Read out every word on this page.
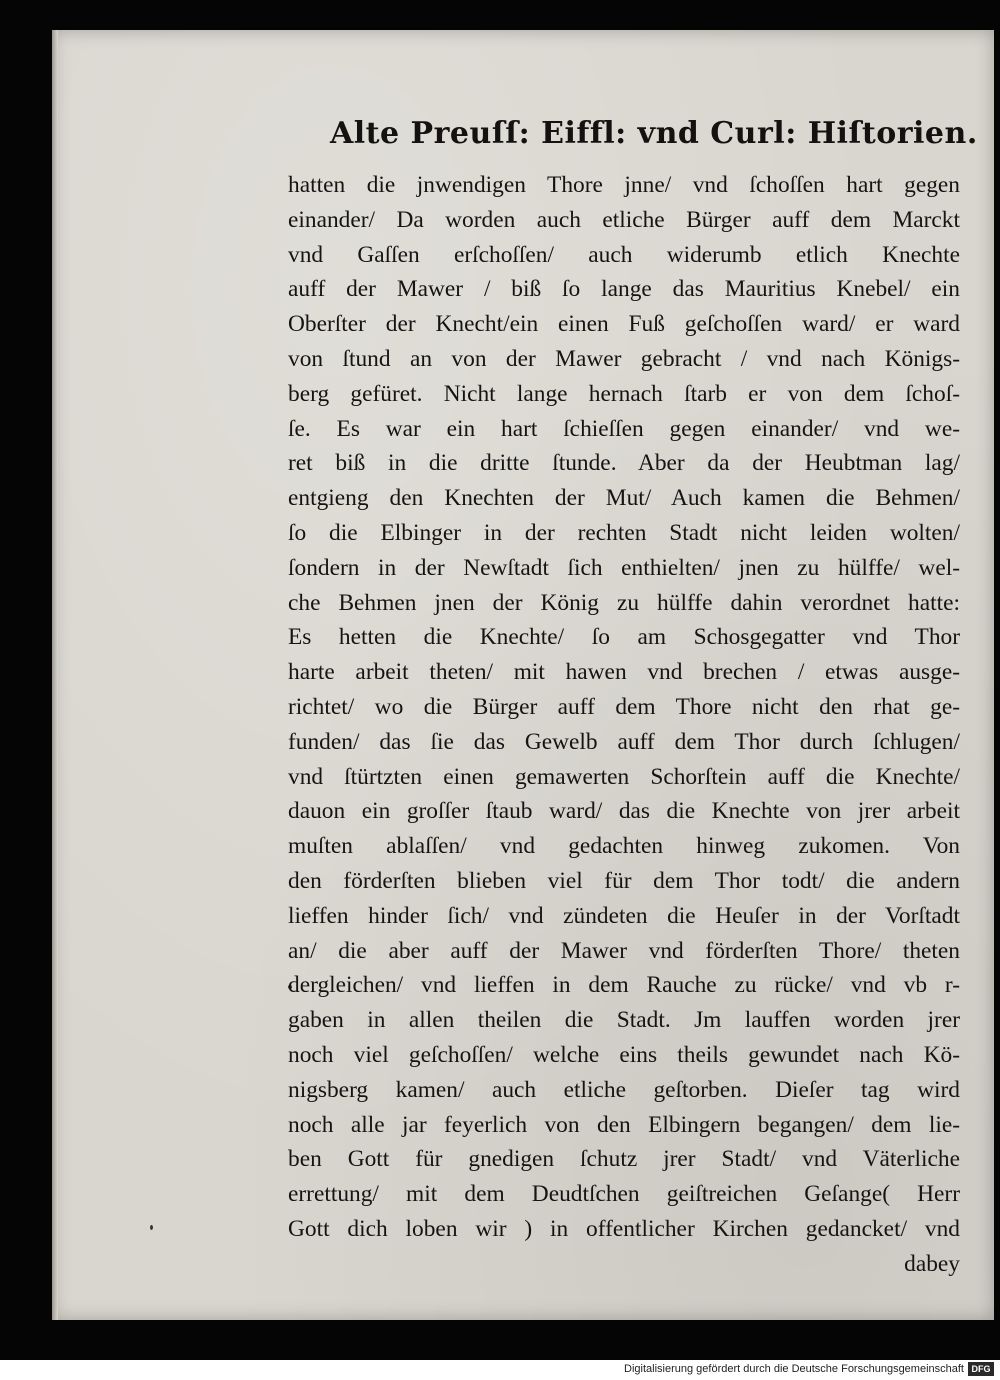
Alte Preuſſ: Eiffl: vnd Curl: Hiſtorien.
hatten die jnwendigen Thore jnne/ vnd ſchoſſen hart gegen
einander/ Da worden auch etliche Bürger auff dem Marckt
vnd Gaſſen erſchoſſen/ auch widerumb etlich Knechte
auff der Mawer / biß ſo lange das Mauritius Knebel/ ein
Oberſter der Knecht/ein einen Fuß geſchoſſen ward/ er ward
von ſtund an von der Mawer gebracht / vnd nach Königs-
berg gefüret. Nicht lange hernach ſtarb er von dem ſchoſ-
ſe. Es war ein hart ſchieſſen gegen einander/ vnd we-
ret biß in die dritte ſtunde. Aber da der Heubtman lag/
entgieng den Knechten der Mut/ Auch kamen die Behmen/
ſo die Elbinger in der rechten Stadt nicht leiden wolten/
ſondern in der Newſtadt ſich enthielten/ jnen zu hülffe/ wel-
che Behmen jnen der König zu hülffe dahin verordnet hatte:
Es hetten die Knechte/ ſo am Schosgegatter vnd Thor
harte arbeit theten/ mit hawen vnd brechen / etwas ausge-
richtet/ wo die Bürger auff dem Thore nicht den rhat ge-
funden/ das ſie das Gewelb auff dem Thor durch ſchlugen/
vnd ſtürtzten einen gemawerten Schorſtein auff die Knechte/
dauon ein groſſer ſtaub ward/ das die Knechte von jrer arbeit
muſten ablaſſen/ vnd gedachten hinweg zukomen. Von
den förderſten blieben viel für dem Thor todt/ die andern
lieffen hinder ſich/ vnd zündeten die Heuſer in der Vorſtadt
an/ die aber auff der Mawer vnd förderſten Thore/ theten
dergleichen/ vnd lieffen in dem Rauche zu rücke/ vnd vb r-
gaben in allen theilen die Stadt. Jm lauffen worden jrer
noch viel geſchoſſen/ welche eins theils gewundet nach Kö-
nigsberg kamen/ auch etliche geſtorben. Dieſer tag wird
noch alle jar feyerlich von den Elbingern begangen/ dem lie-
ben Gott für gnedigen ſchutz jrer Stadt/ vnd Väterliche
errettung/ mit dem Deudtſchen geiſtreichen Geſange( Herr
Gott dich loben wir ) in offentlicher Kirchen gedancket/ vnd
dabey
Digitalisierung gefördert durch die Deutsche Forschungsgemeinschaft DFG
